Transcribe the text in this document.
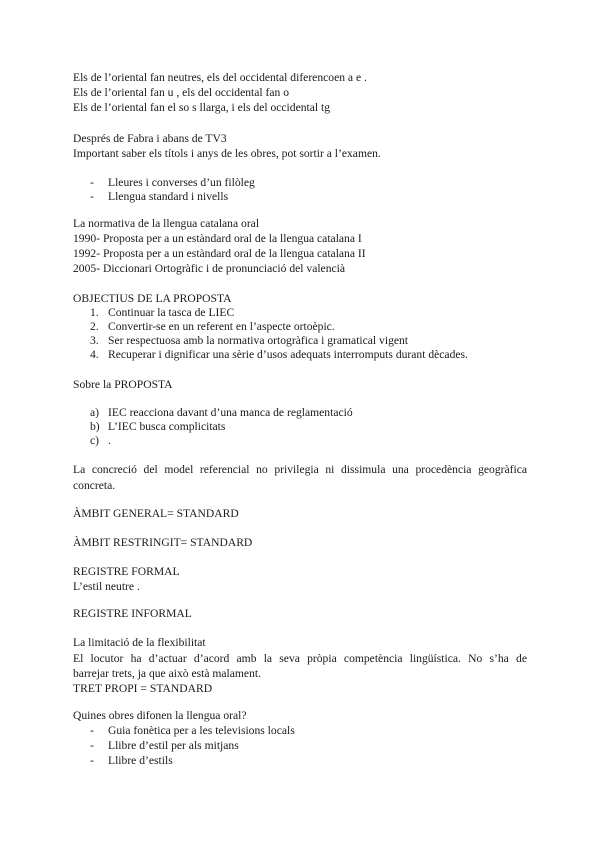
Els de l’oriental fan neutres, els del occidental diferencoen a e .
Els de l’oriental fan u , els del occidental fan o
Els de l’oriental fan el so s llarga, i els del occidental tg
Després de Fabra i abans de TV3
Important saber els títols i anys de les obres, pot sortir a l’examen.
- Lleures i converses d’un filòleg
- Llengua standard i nivells
La normativa de la llengua catalana oral
1990- Proposta per a un estàndard oral de la llengua catalana I
1992- Proposta per a un estàndard oral de la llengua catalana II
2005- Diccionari Ortogràfic i de pronunciació del valencià
OBJECTIUS DE LA PROPOSTA
1. Continuar la tasca de LIEC
2. Convertir-se en un referent en l’aspecte ortoèpic.
3. Ser respectuosa amb la normativa ortogràfica i gramatical vigent
4. Recuperar i dignificar una sèrie d’usos adequats interromputs durant dècades.
Sobre la PROPOSTA
a) IEC reacciona davant d’una manca de reglamentació
b) L’IEC busca complicitats
c) .
La concreció del model referencial no privilegia ni dissimula una procedència geogràfica
concreta.
ÀMBIT GENERAL= STANDARD
ÀMBIT RESTRINGIT= STANDARD
REGISTRE FORMAL
L’estil neutre .
REGISTRE INFORMAL
La limitació de la flexibilitat
El locutor ha d’actuar d’acord amb la seva pròpia competència lingüística. No s’ha de
barrejar trets, ja que això està malament.
TRET PROPI = STANDARD
Quines obres difonen la llengua oral?
- Guia fonètica per a les televisions locals
- Llibre d’estil per als mitjans
- Llibre d’estils
